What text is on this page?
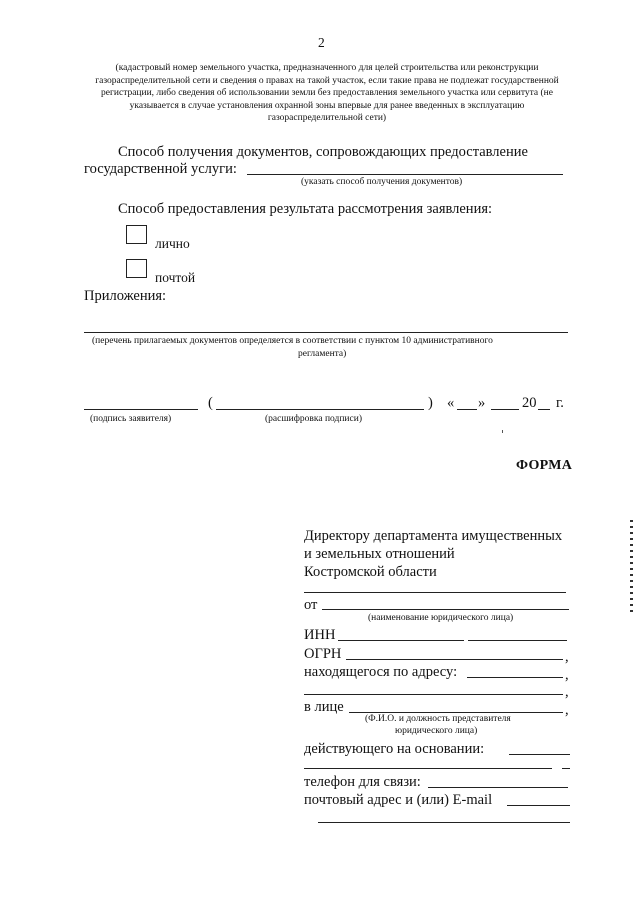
2
(кадастровый номер земельного участка, предназначенного для целей строительства или реконструкции газораспределительной сети и сведения о правах на такой участок, если такие права не подлежат государственной регистрации, либо сведения об использовании земли без предоставления земельного участка или сервитута (не указывается в случае установления охранной зоны впервые для ранее введенных в эксплуатацию газораспределительной сети)
Способ получения документов, сопровождающих предоставление
государственной услуги:
(указать способ получения документов)
Способ предоставления результата рассмотрения заявления:
лично
почтой
Приложения:
(перечень прилагаемых документов определяется в соответствии с пунктом 10 административного
регламента)
(	) « »	20 г.
(подпись заявителя)	(расшифровка подписи)
ФОРМА
Директору департамента имущественных
и земельных отношений
Костромской области
от
(наименование юридического лица)
ИНН
ОГРН	,
находящегося по адресу:	,
,
в лице	,
(Ф.И.О. и должность представителя
юридического лица)
действующего на основании:
телефон для связи:
почтовый адрес и (или) E-mail
